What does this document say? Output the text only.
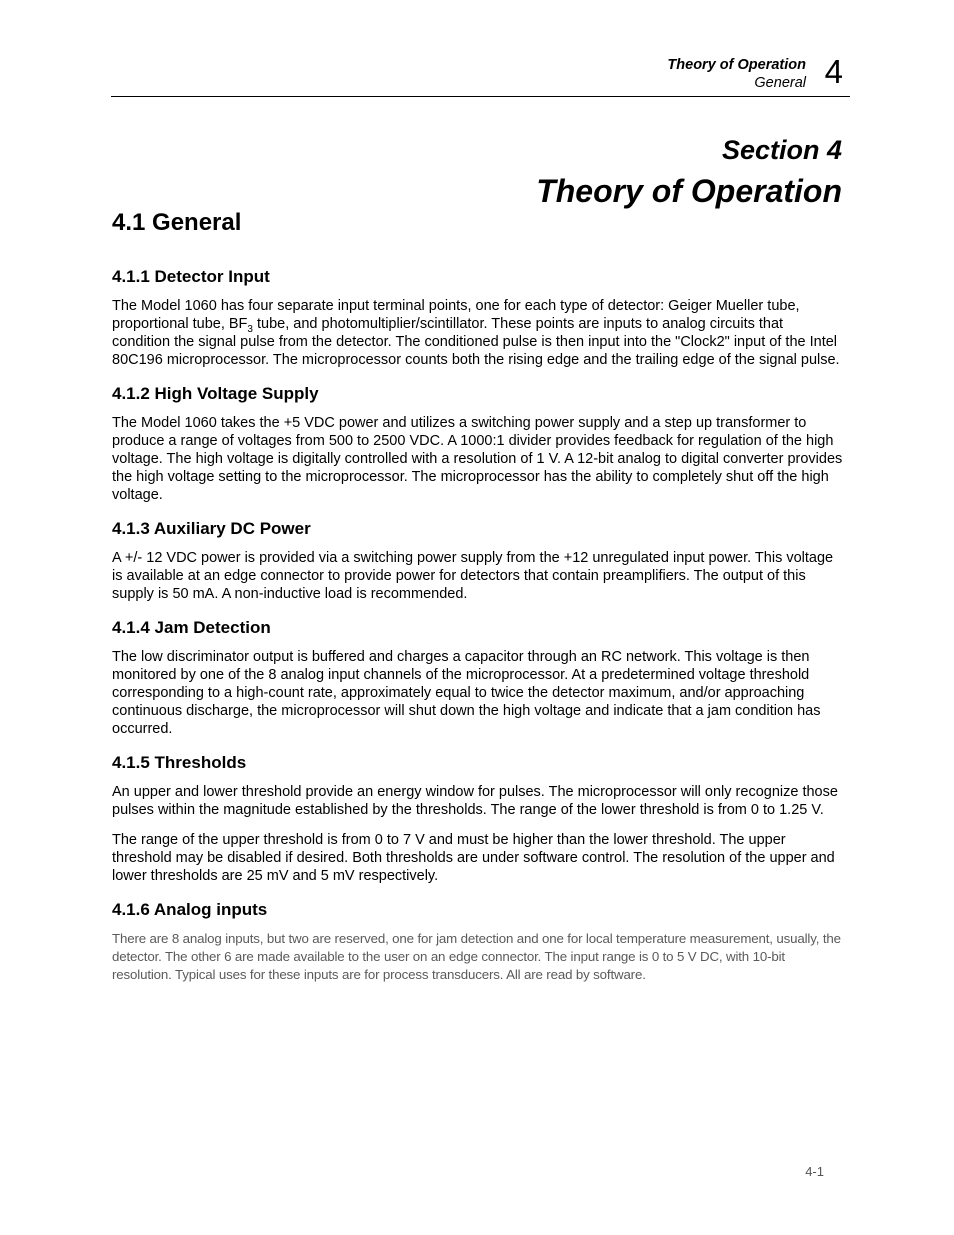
Theory of Operation
General 4
Section 4
Theory of Operation
4.1 General
4.1.1 Detector Input

The Model 1060 has four separate input terminal points, one for each type of detector: Geiger Mueller tube, proportional tube, $BF_3$ tube, and photomultiplier/scintillator. These points are inputs to analog circuits that condition the signal pulse from the detector. The conditioned pulse is then input into the "Clock2" input of the Intel 80C196 microprocessor. The microprocessor counts both the rising edge and the trailing edge of the signal pulse.

4.1.2 High Voltage Supply

The Model 1060 takes the +5 VDC power and utilizes a switching power supply and a step up transformer to produce a range of voltages from 500 to 2500 VDC. A 1000:1 divider provides feedback for regulation of the high voltage. The high voltage is digitally controlled with a resolution of 1 V. A 12-bit analog to digital converter provides the high voltage setting to the microprocessor. The microprocessor has the ability to completely shut off the high voltage.

4.1.3 Auxiliary DC Power

A +/- 12 VDC power is provided via a switching power supply from the +12 unregulated input power. This voltage is available at an edge connector to provide power for detectors that contain preamplifiers. The output of this supply is 50 mA. A non-inductive load is recommended.

4.1.4 Jam Detection

The low discriminator output is buffered and charges a capacitor through an RC network. This voltage is then monitored by one of the 8 analog input channels of the microprocessor. At a predetermined voltage threshold corresponding to a high-count rate, approximately equal to twice the detector maximum, and/or approaching continuous discharge, the microprocessor will shut down the high voltage and indicate that a jam condition has occurred.

4.1.5 Thresholds

An upper and lower threshold provide an energy window for pulses. The microprocessor will only recognize those pulses within the magnitude established by the thresholds. The range of the lower threshold is from 0 to 1.25 V.

The range of the upper threshold is from 0 to 7 V and must be higher than the lower threshold. The upper threshold may be disabled if desired. Both thresholds are under software control. The resolution of the upper and lower thresholds are 25 mV and 5 mV respectively.

4.1.6 Analog inputs

There are 8 analog inputs, but two are reserved, one for jam detection and one for local temperature measurement, usually, the detector. The other 6 are made available to the user on an edge connector. The input range is 0 to 5 V DC, with 10-bit resolution. Typical uses for these inputs are for process transducers. All are read by software.

4-1
